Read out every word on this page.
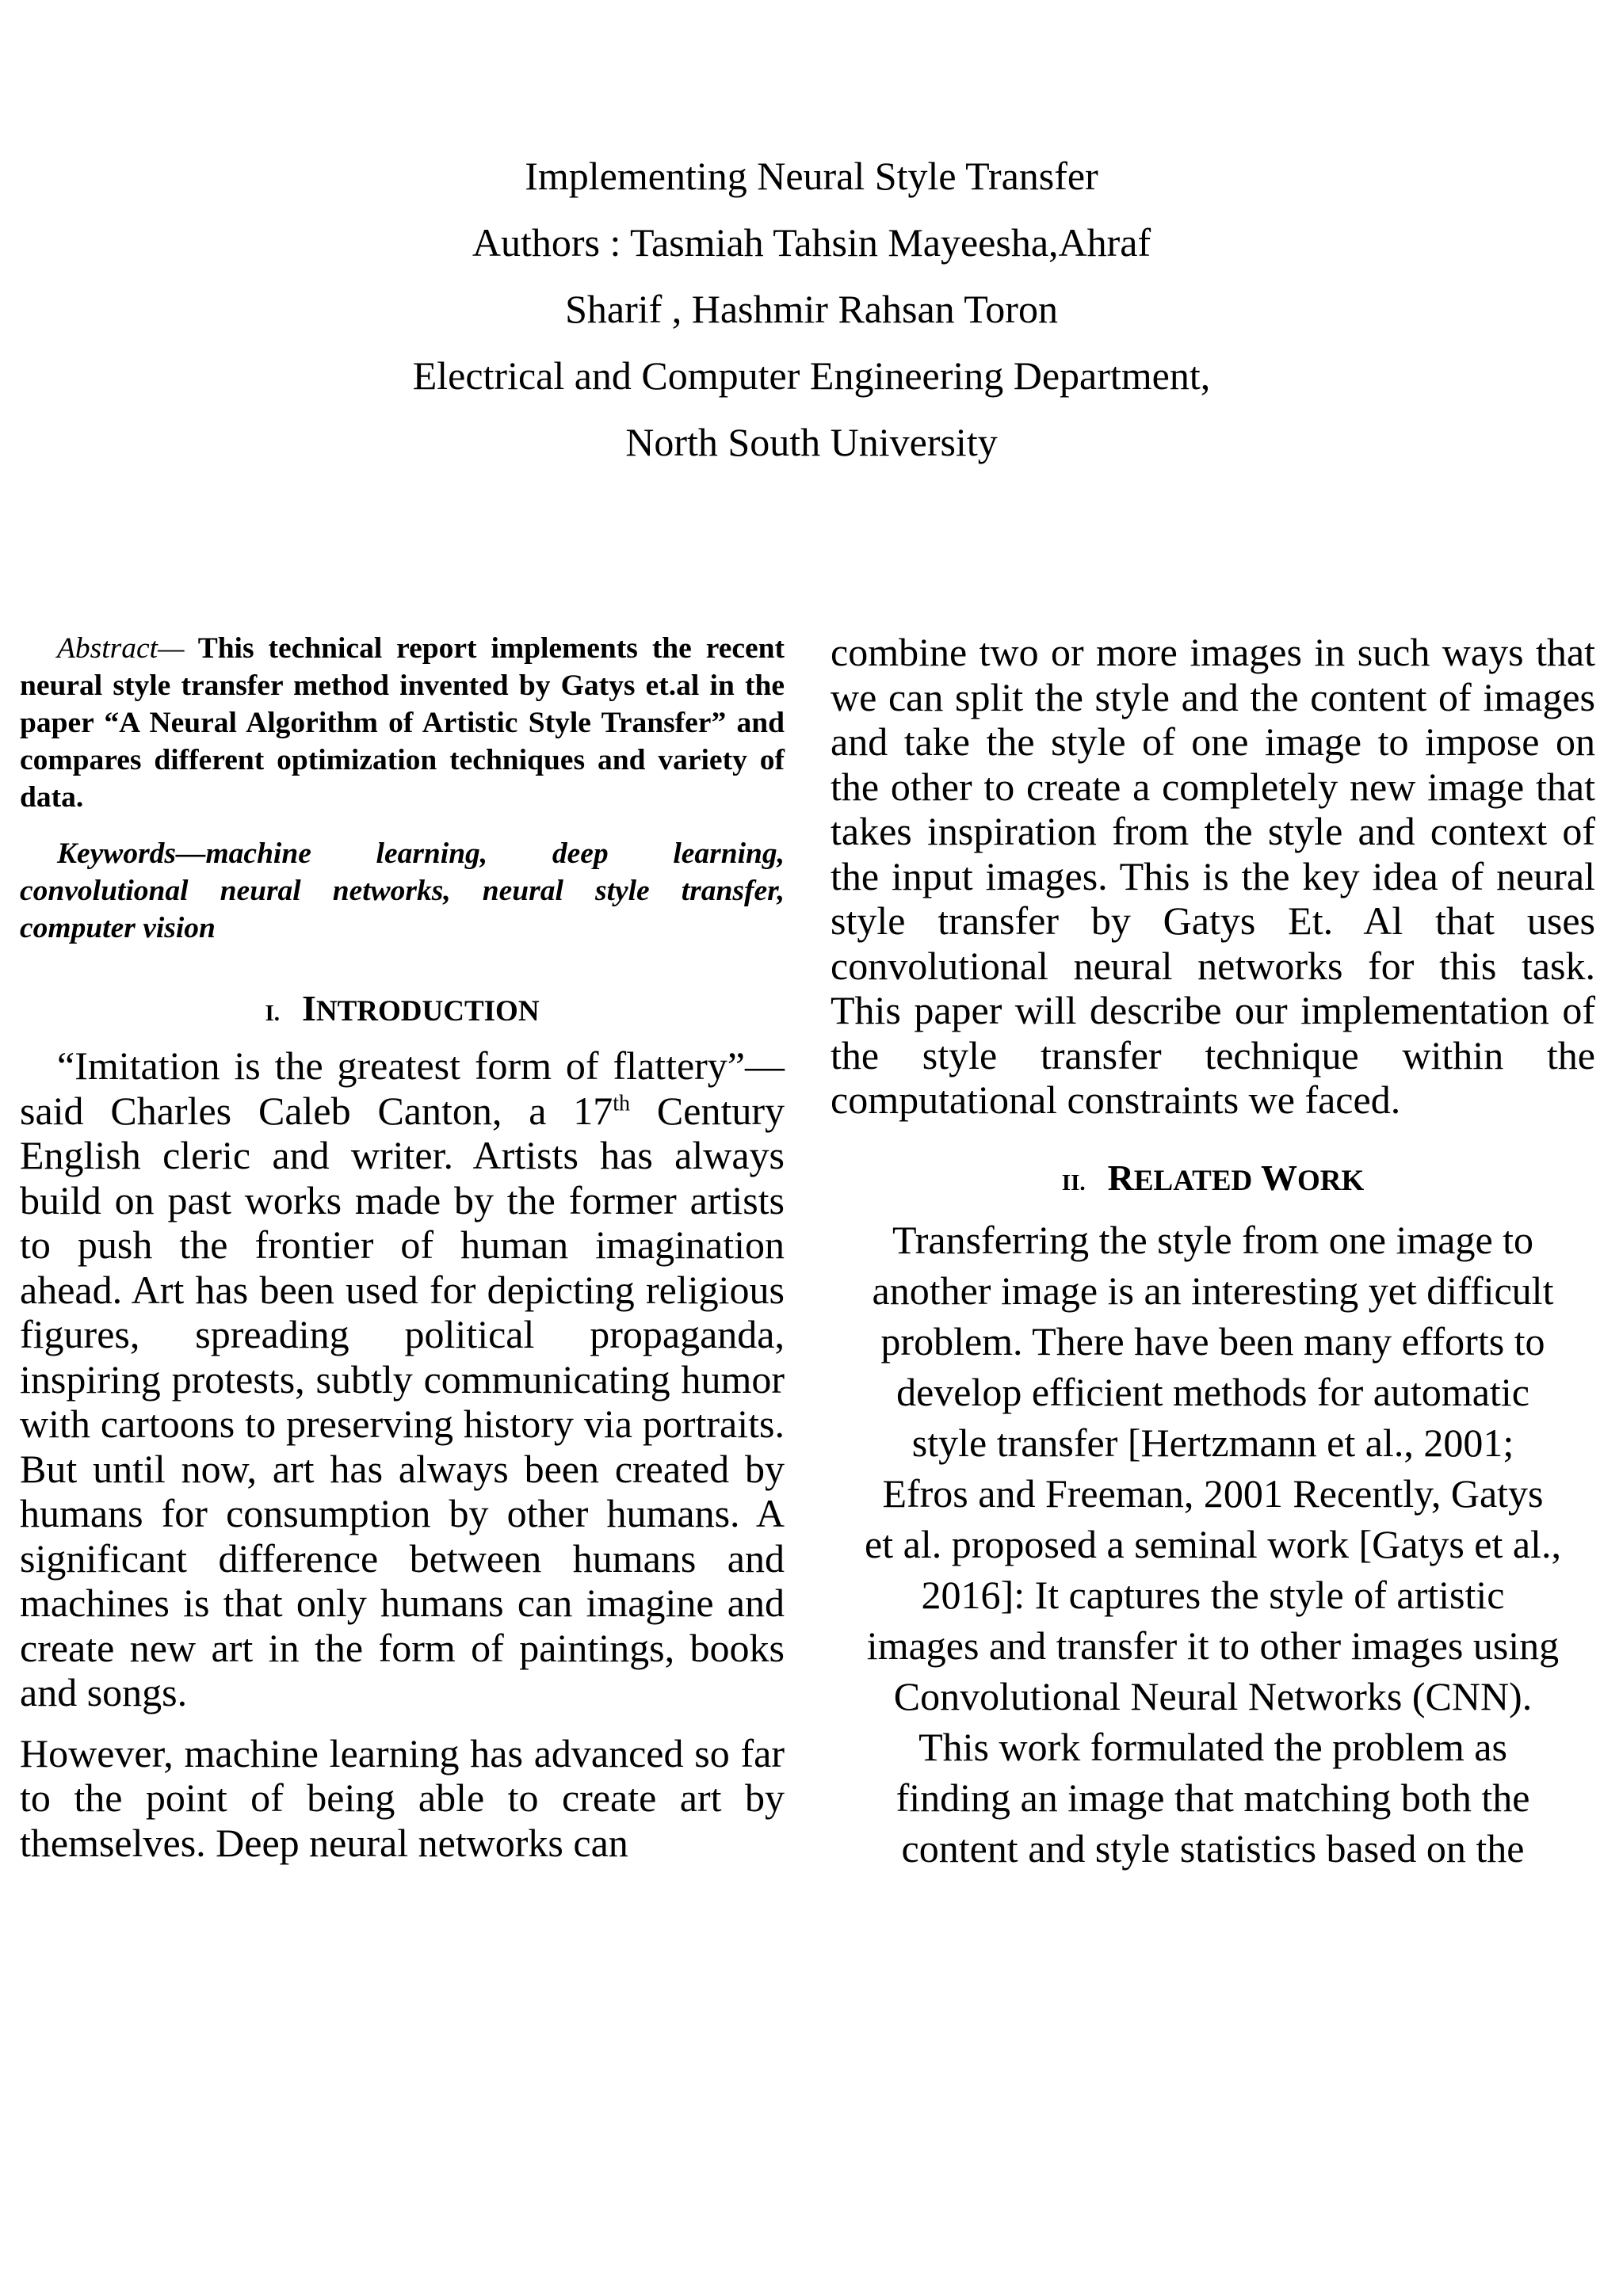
Implementing Neural Style Transfer
Authors : Tasmiah Tahsin Mayeesha,Ahraf
Sharif , Hashmir Rahsan Toron
Electrical and Computer Engineering Department,
North South University

Abstract— This technical report implements the recent neural style transfer method invented by Gatys et.al in the paper “A Neural Algorithm of Artistic Style Transfer” and compares different optimization techniques and variety of data.

Keywords—machine learning, deep learning, convolutional neural networks, neural style transfer, computer vision

I. INTRODUCTION

“Imitation is the greatest form of flattery”—said Charles Caleb Canton, a 17th Century English cleric and writer. Artists has always build on past works made by the former artists to push the frontier of human imagination ahead. Art has been used for depicting religious figures, spreading political propaganda, inspiring protests, subtly communicating humor with cartoons to preserving history via portraits. But until now, art has always been created by humans for consumption by other humans. A significant difference between humans and machines is that only humans can imagine and create new art in the form of paintings, books and songs.

However, machine learning has advanced so far to the point of being able to create art by themselves. Deep neural networks can

combine two or more images in such ways that we can split the style and the content of images and take the style of one image to impose on the other to create a completely new image that takes inspiration from the style and context of the input images. This is the key idea of neural style transfer by Gatys Et. Al that uses convolutional neural networks for this task. This paper will describe our implementation of the style transfer technique within the computational constraints we faced.

II. RELATED WORK
Transferring the style from one image to
another image is an interesting yet difficult
problem. There have been many efforts to
develop efficient methods for automatic
style transfer [Hertzmann et al., 2001;
Efros and Freeman, 2001 Recently, Gatys
et al. proposed a seminal work [Gatys et al.,
2016]: It captures the style of artistic
images and transfer it to other images using
Convolutional Neural Networks (CNN).
This work formulated the problem as
finding an image that matching both the
content and style statistics based on the
